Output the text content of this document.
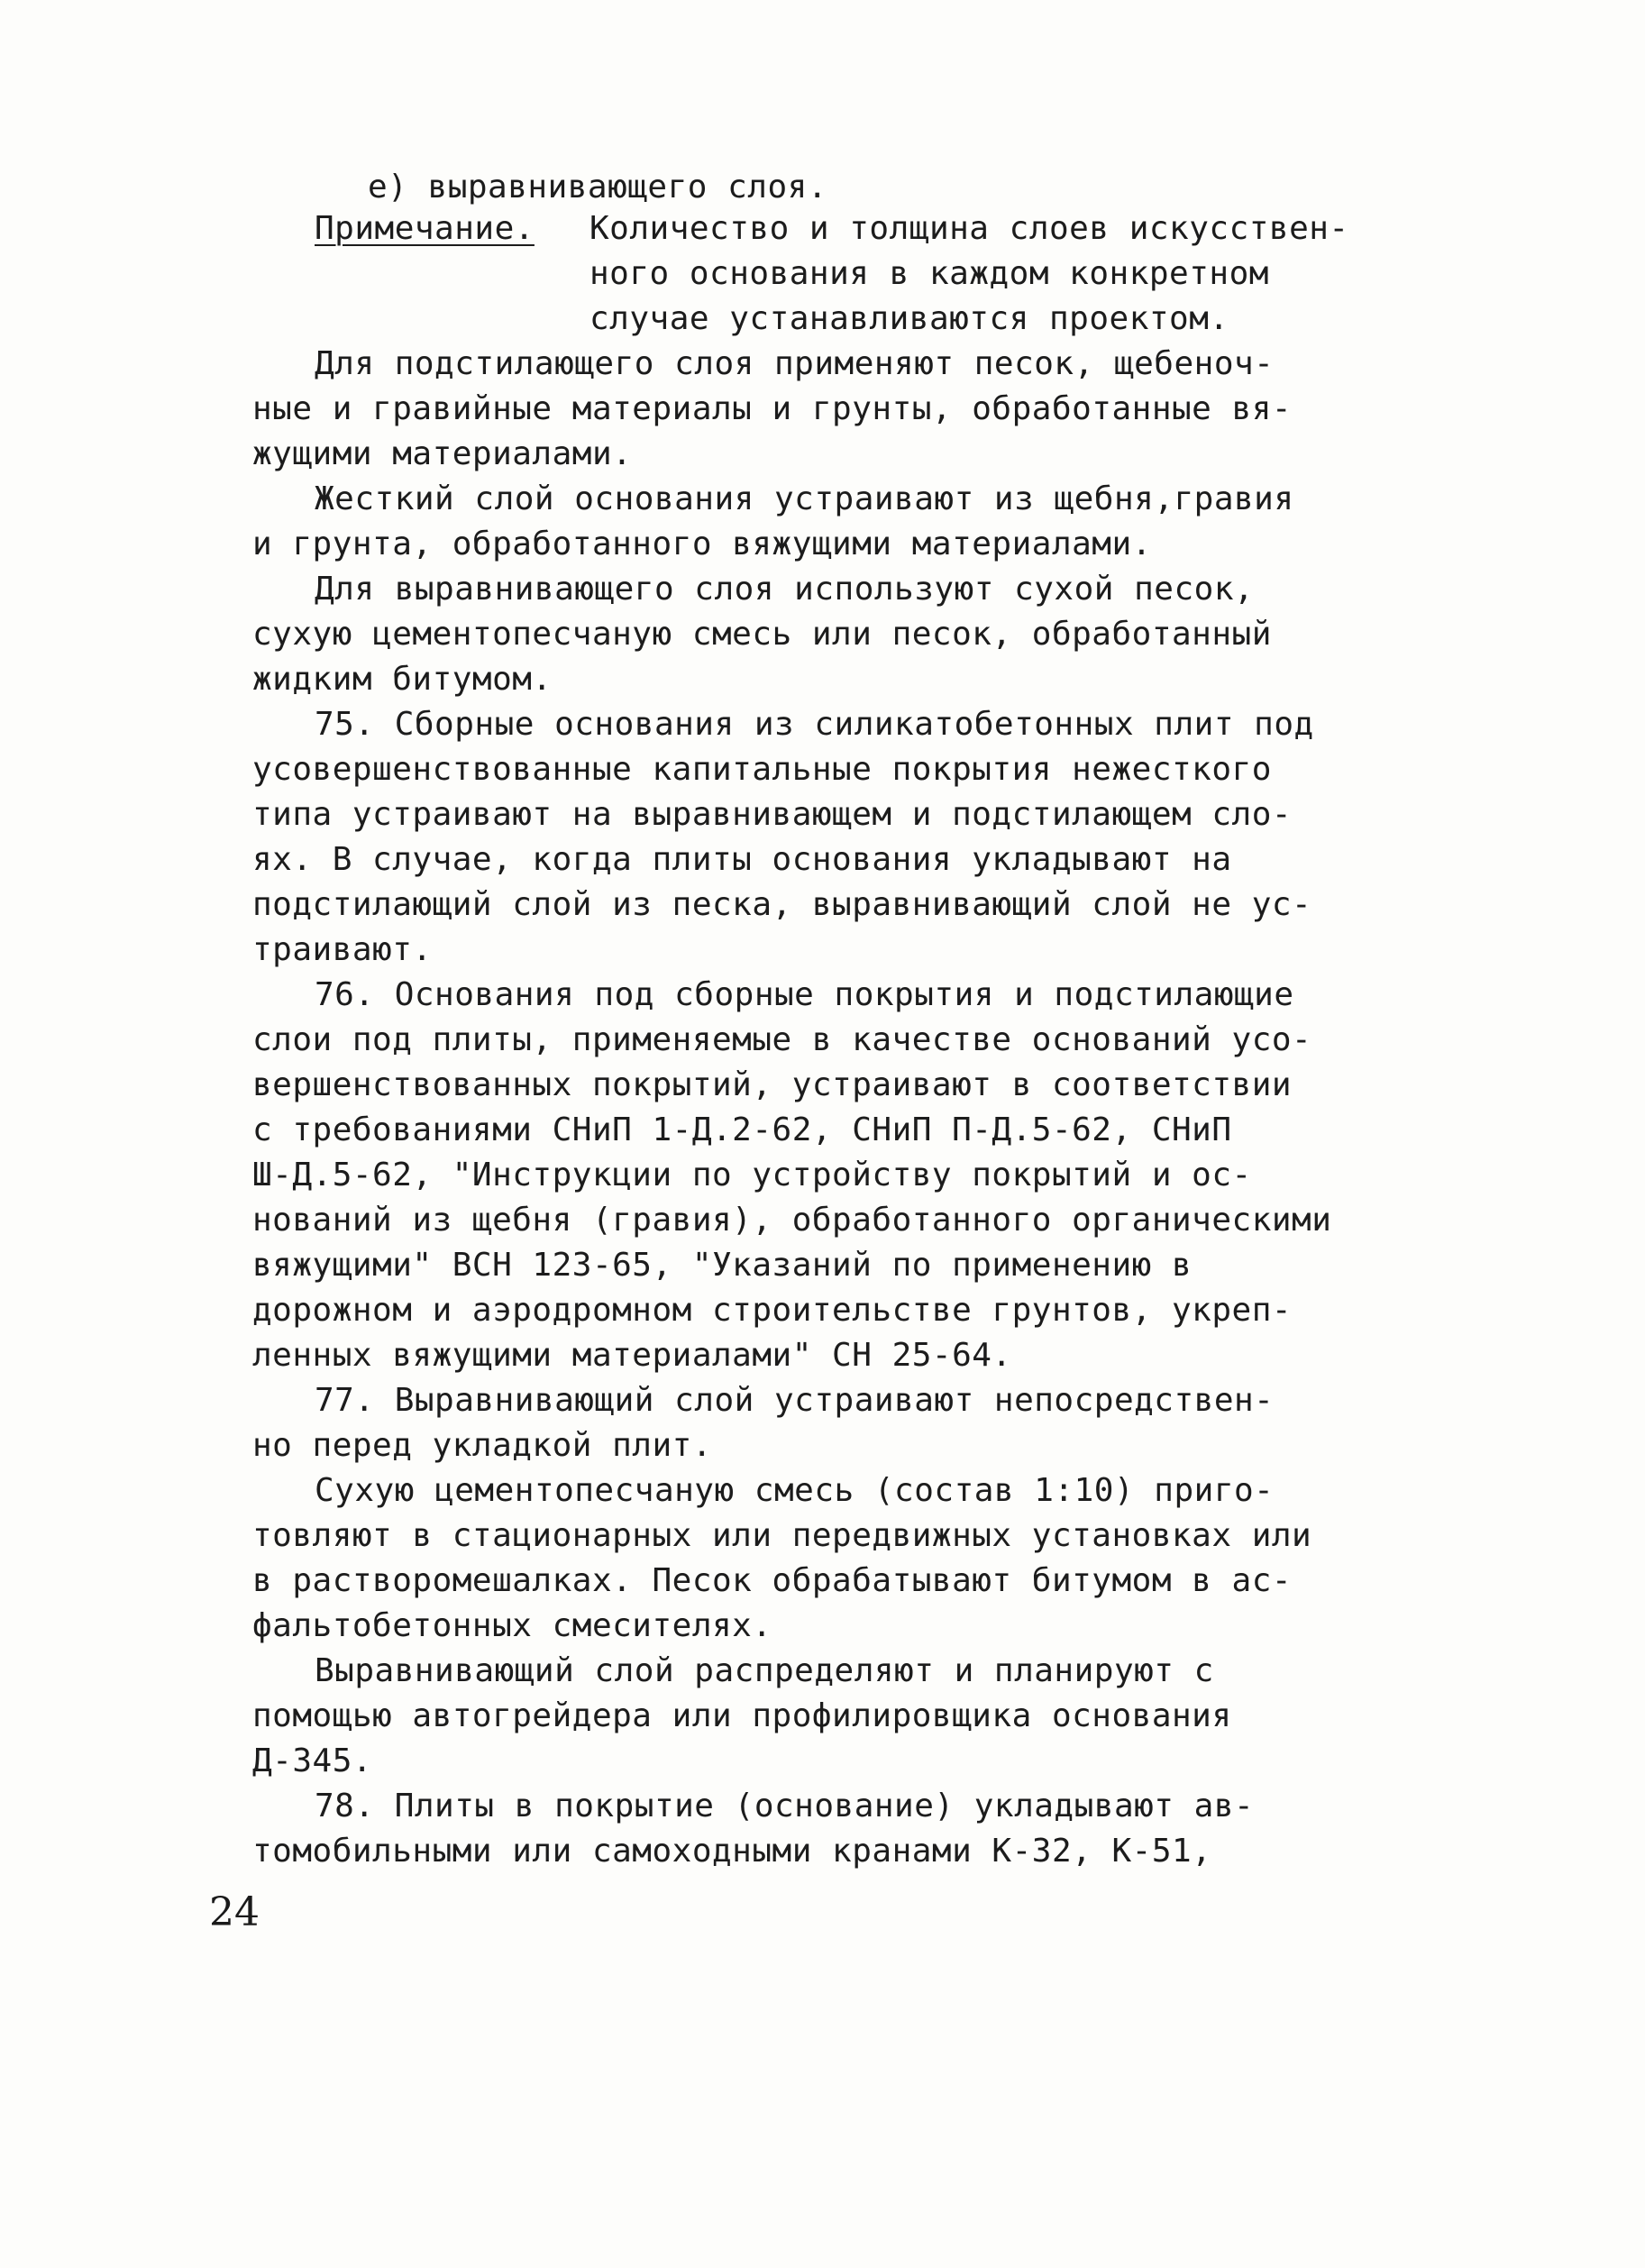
е) выравнивающего слоя.
Примечание. Количество и толщина слоев искусствен-
ного основания в каждом конкретном
случае устанавливаются проектом.
Для подстилающего слоя применяют песок, щебеноч-
ные и гравийные материалы и грунты, обработанные вя-
жущими материалами.
Жесткий слой основания устраивают из щебня,гравия
и грунта, обработанного вяжущими материалами.
Для выравнивающего слоя используют сухой песок,
сухую цементопесчаную смесь или песок, обработанный
жидким битумом.
75. Сборные основания из силикатобетонных плит под
усовершенствованные капитальные покрытия нежесткого
типа устраивают на выравнивающем и подстилающем сло-
ях. В случае, когда плиты основания укладывают на
подстилающий слой из песка, выравнивающий слой не ус-
траивают.
76. Основания под сборные покрытия и подстилающие
слои под плиты, применяемые в качестве оснований усо-
вершенствованных покрытий, устраивают в соответствии
с требованиями СНиП 1-Д.2-62, СНиП П-Д.5-62, СНиП
Ш-Д.5-62, "Инструкции по устройству покрытий и ос-
нований из щебня (гравия), обработанного органическими
вяжущими" ВСН 123-65, "Указаний по применению в
дорожном и аэродромном строительстве грунтов, укреп-
ленных вяжущими материалами" СН 25-64.
77. Выравнивающий слой устраивают непосредствен-
но перед укладкой плит.
Сухую цементопесчаную смесь (состав 1:10) приго-
товляют в стационарных или передвижных установках или
в растворомешалках. Песок обрабатывают битумом в ас-
фальтобетонных смесителях.
Выравнивающий слой распределяют и планируют с
помощью автогрейдера или профилировщика основания
Д-345.
78. Плиты в покрытие (основание) укладывают ав-
томобильными или самоходными кранами К-32, К-51,
24
